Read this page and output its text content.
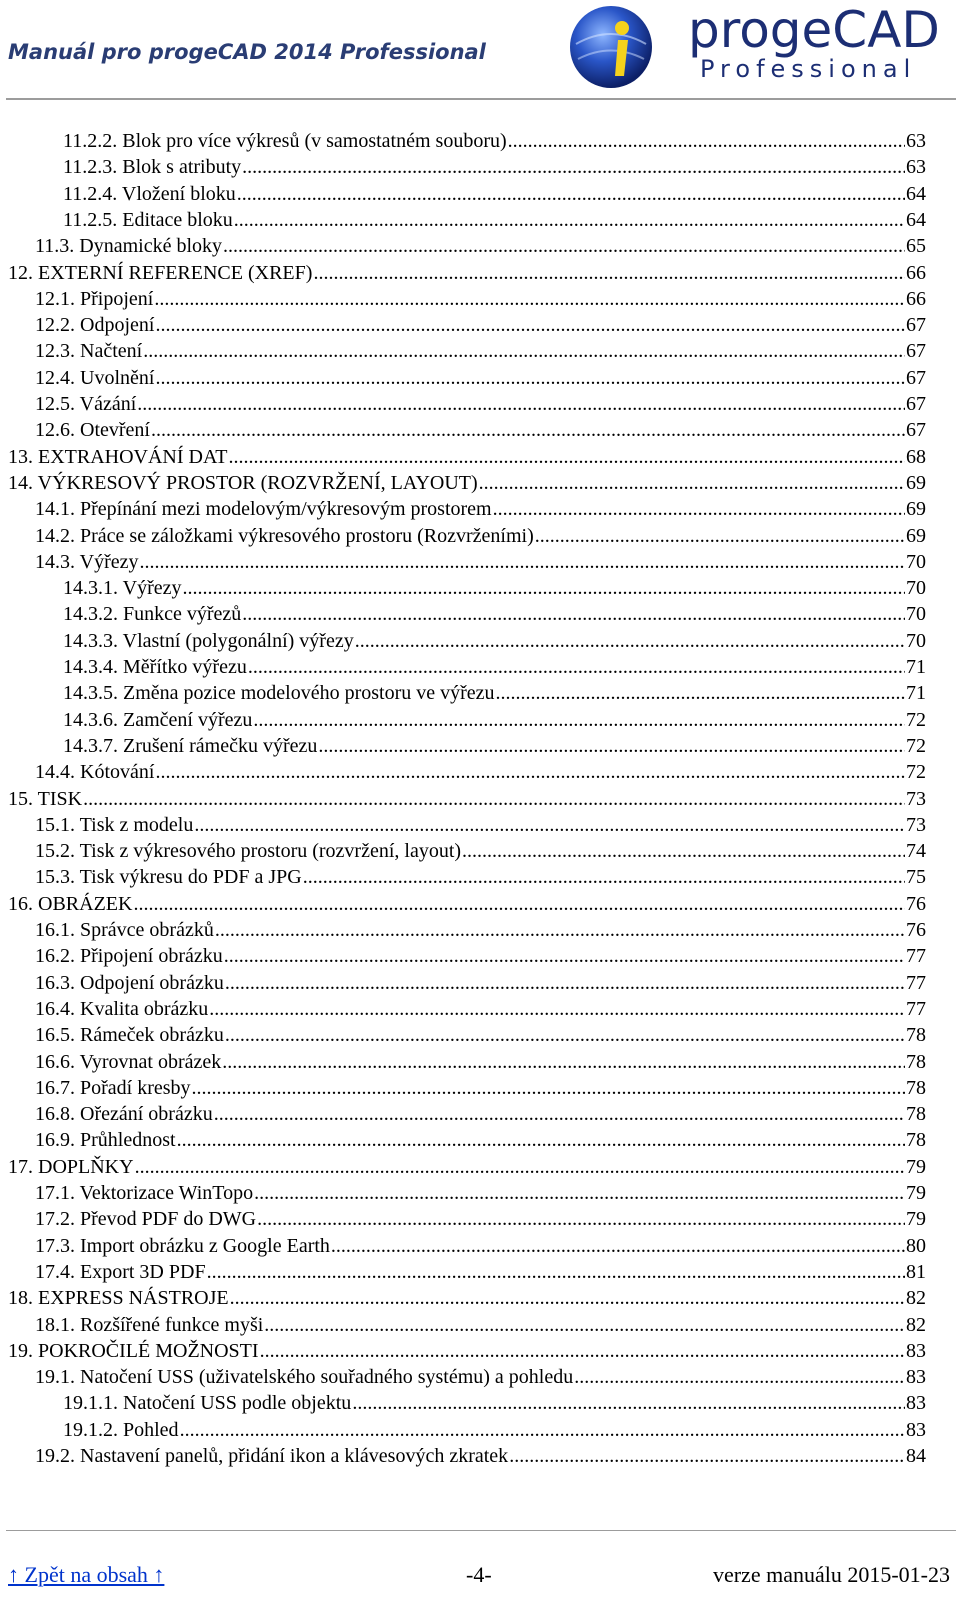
Manuál pro progeCAD 2014 Professional	progeCAD
Professional
11.2.2. Blok pro více výkresů (v samostatném souboru) .....	63
11.2.3. Blok s atributy .....	63
11.2.4. Vložení bloku .....	64
11.2.5. Editace bloku .....	64
11.3. Dynamické bloky .....	65
12. EXTERNÍ REFERENCE (XREF) .....	66
12.1. Připojení .....	66
12.2. Odpojení .....	67
12.3. Načtení .....	67
12.4. Uvolnění .....	67
12.5. Vázání .....	67
12.6. Otevření .....	67
13. EXTRAHOVÁNÍ DAT .....	68
14. VÝKRESOVÝ PROSTOR (ROZVRŽENÍ, LAYOUT) .....	69
14.1. Přepínání mezi modelovým/výkresovým prostorem .....	69
14.2. Práce se záložkami výkresového prostoru (Rozvrženími) .....	69
14.3. Výřezy .....	70
14.3.1. Výřezy .....	70
14.3.2. Funkce výřezů .....	70
14.3.3. Vlastní (polygonální) výřezy .....	70
14.3.4. Měřítko výřezu .....	71
14.3.5. Změna pozice modelového prostoru ve výřezu .....	71
14.3.6. Zamčení výřezu .....	72
14.3.7. Zrušení rámečku výřezu .....	72
14.4. Kótování .....	72
15. TISK .....	73
15.1. Tisk z modelu .....	73
15.2. Tisk z výkresového prostoru (rozvržení, layout) .....	74
15.3. Tisk výkresu do PDF a JPG .....	75
16. OBRÁZEK .....	76
16.1. Správce obrázků .....	76
16.2. Připojení obrázku .....	77
16.3. Odpojení obrázku .....	77
16.4. Kvalita obrázku .....	77
16.5. Rámeček obrázku .....	78
16.6. Vyrovnat obrázek .....	78
16.7. Pořadí kresby .....	78
16.8. Ořezání obrázku .....	78
16.9. Průhlednost .....	78
17. DOPLŇKY .....	79
17.1. Vektorizace WinTopo .....	79
17.2. Převod PDF do DWG .....	79
17.3. Import obrázku z Google Earth .....	80
17.4. Export 3D PDF .....	81
18. EXPRESS NÁSTROJE .....	82
18.1. Rozšířené funkce myši .....	82
19. POKROČILÉ MOŽNOSTI .....	83
19.1. Natočení USS (uživatelského souřadného systému) a pohledu .....	83
19.1.1. Natočení USS podle objektu .....	83
19.1.2. Pohled .....	83
19.2. Nastavení panelů, přidání ikon a klávesových zkratek .....	84
↑ Zpět na obsah ↑	-4-	verze manuálu 2015-01-23
